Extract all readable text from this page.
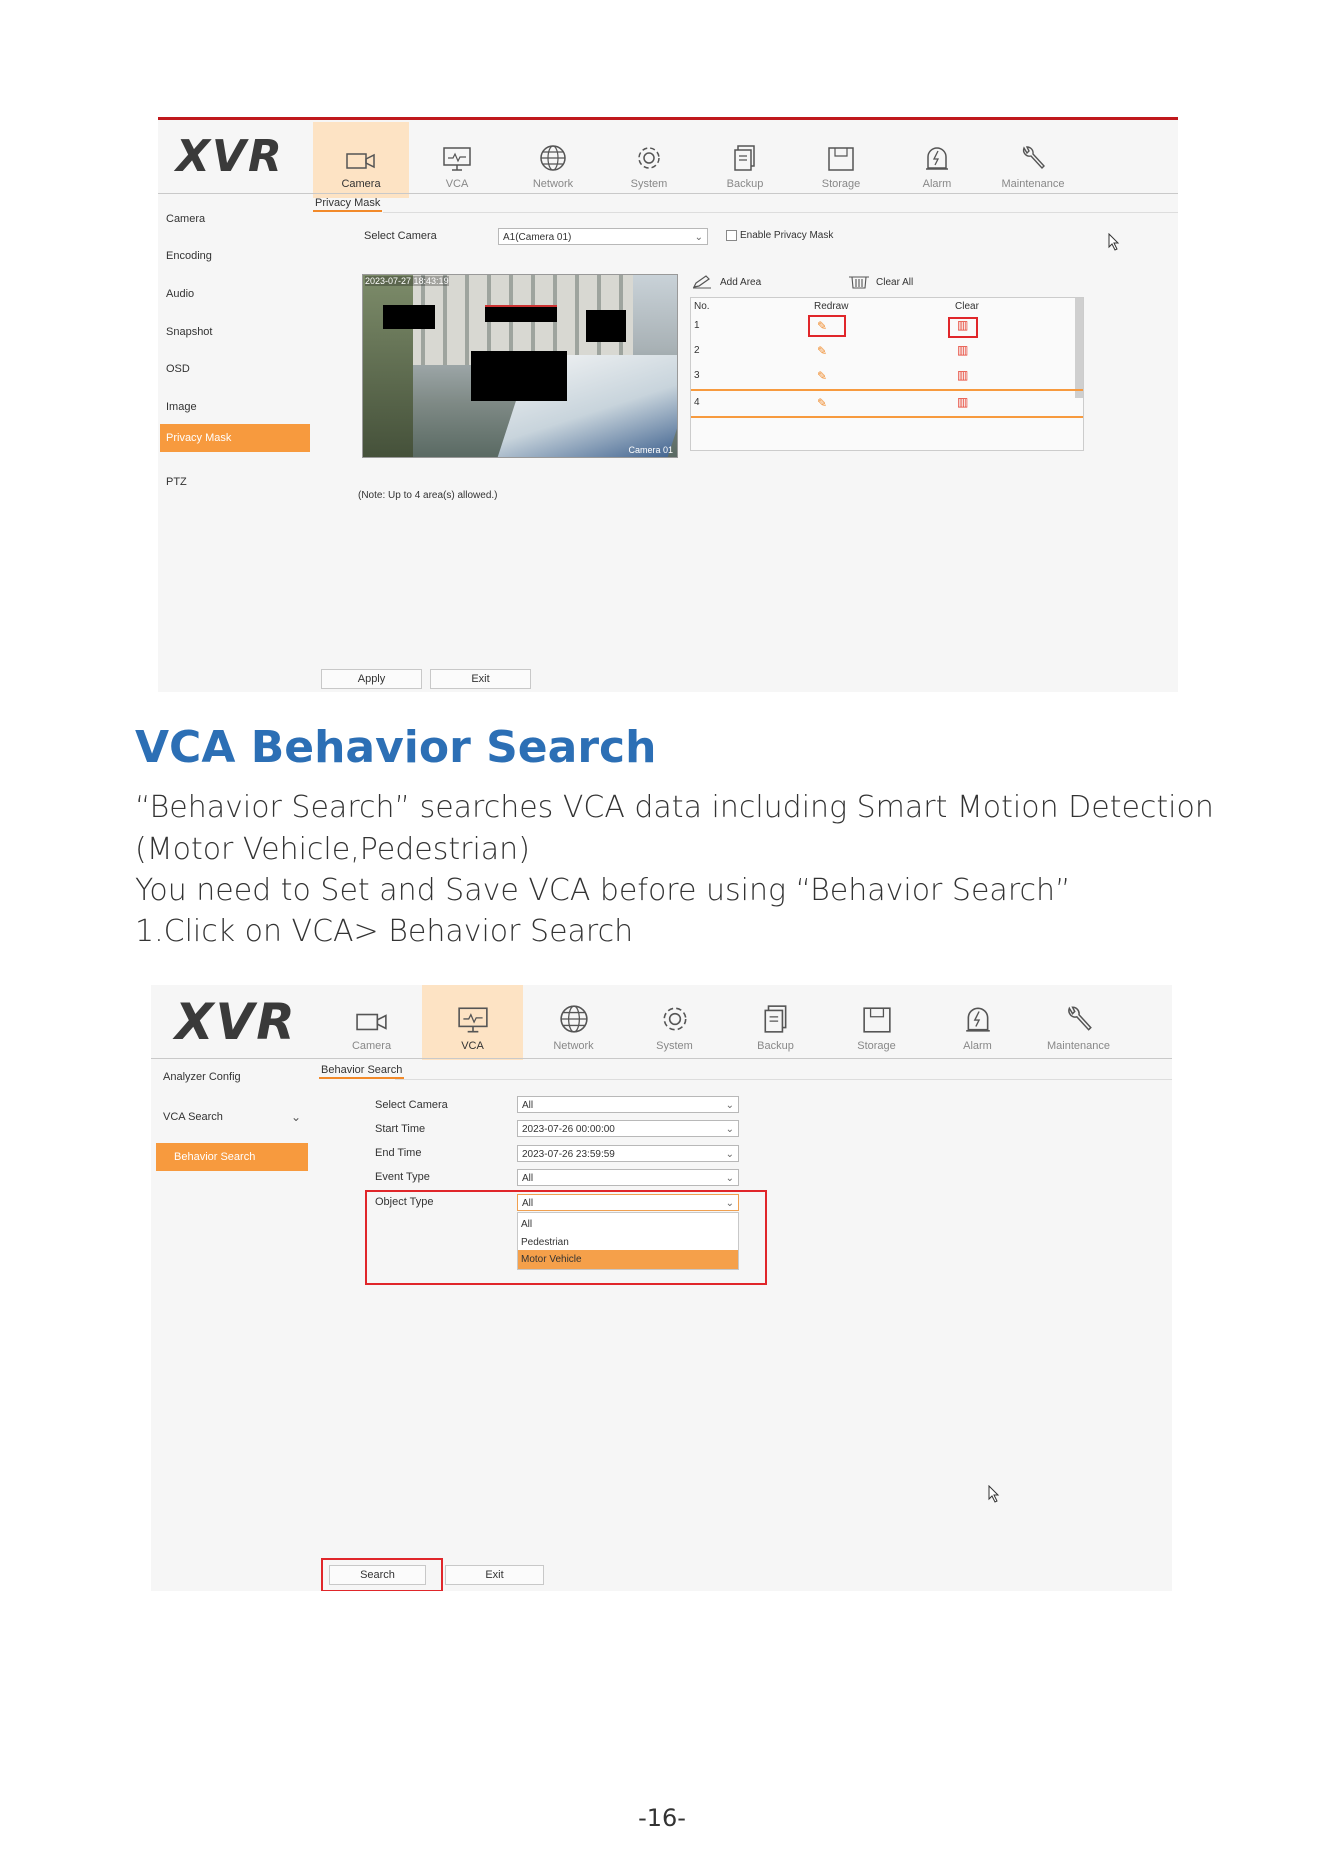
XVR
Camera	VCA	Network	System	Backup	Storage	Alarm	Maintenance
Camera
Encoding
Audio
Snapshot
OSD
Image
Privacy Mask
PTZ
Privacy Mask
Select Camera	A1(Camera 01)	⌄	Enable Privacy Mask
2023-07-27 18:43:19
Camera 01
Add Area	Clear All
No.	Redraw	Clear
1	✎	▥
2	✎	▥
3	✎	▥
4	✎	▥
(Note: Up to 4 area(s) allowed.)
Apply	Exit
VCA Behavior Search
“Behavior Search” searches VCA data including Smart Motion Detection
(Motor Vehicle,Pedestrian)
You need to Set and Save VCA before using “Behavior Search”
1.Click on VCA> Behavior Search
XVR	Camera	VCA	Network	System	Backup	Storage	Alarm	Maintenance
Analyzer Config
VCA Search	⌄
Behavior Search
Behavior Search
Select Camera	All	⌄
Start Time	2023-07-26 00:00:00	⌄
End Time	2023-07-26 23:59:59	⌄
Event Type	All	⌄
Object Type	All	⌄
All
Pedestrian
Motor Vehicle
Search	Exit
-16-
